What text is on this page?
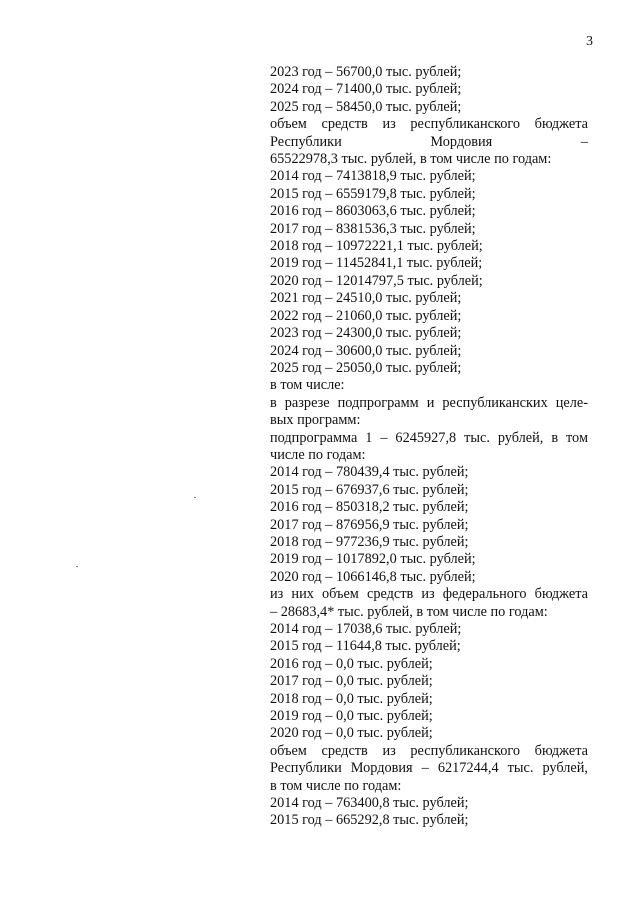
3
2023 год – 56700,0 тыс. рублей;
2024 год – 71400,0 тыс. рублей;
2025 год – 58450,0 тыс. рублей;
объем средств из республиканского бюджета
Республики Мордовия –
65522978,3 тыс. рублей, в том числе по годам:
2014 год – 7413818,9 тыс. рублей;
2015 год – 6559179,8 тыс. рублей;
2016 год – 8603063,6 тыс. рублей;
2017 год – 8381536,3 тыс. рублей;
2018 год – 10972221,1 тыс. рублей;
2019 год – 11452841,1 тыс. рублей;
2020 год – 12014797,5 тыс. рублей;
2021 год – 24510,0 тыс. рублей;
2022 год – 21060,0 тыс. рублей;
2023 год – 24300,0 тыс. рублей;
2024 год – 30600,0 тыс. рублей;
2025 год – 25050,0 тыс. рублей;
в том числе:
в разрезе подпрограмм и республиканских целе-
вых программ:
подпрограмма 1 – 6245927,8 тыс. рублей, в том
числе по годам:
2014 год – 780439,4 тыс. рублей;
2015 год – 676937,6 тыс. рублей;
2016 год – 850318,2 тыс. рублей;
2017 год – 876956,9 тыс. рублей;
2018 год – 977236,9 тыс. рублей;
2019 год – 1017892,0 тыс. рублей;
2020 год – 1066146,8 тыс. рублей;
из них объем средств из федерального бюджета
– 28683,4* тыс. рублей, в том числе по годам:
2014 год – 17038,6 тыс. рублей;
2015 год – 11644,8 тыс. рублей;
2016 год – 0,0 тыс. рублей;
2017 год – 0,0 тыс. рублей;
2018 год – 0,0 тыс. рублей;
2019 год – 0,0 тыс. рублей;
2020 год – 0,0 тыс. рублей;
объем средств из республиканского бюджета
Республики Мордовия – 6217244,4 тыс. рублей,
в том числе по годам:
2014 год – 763400,8 тыс. рублей;
2015 год – 665292,8 тыс. рублей;
